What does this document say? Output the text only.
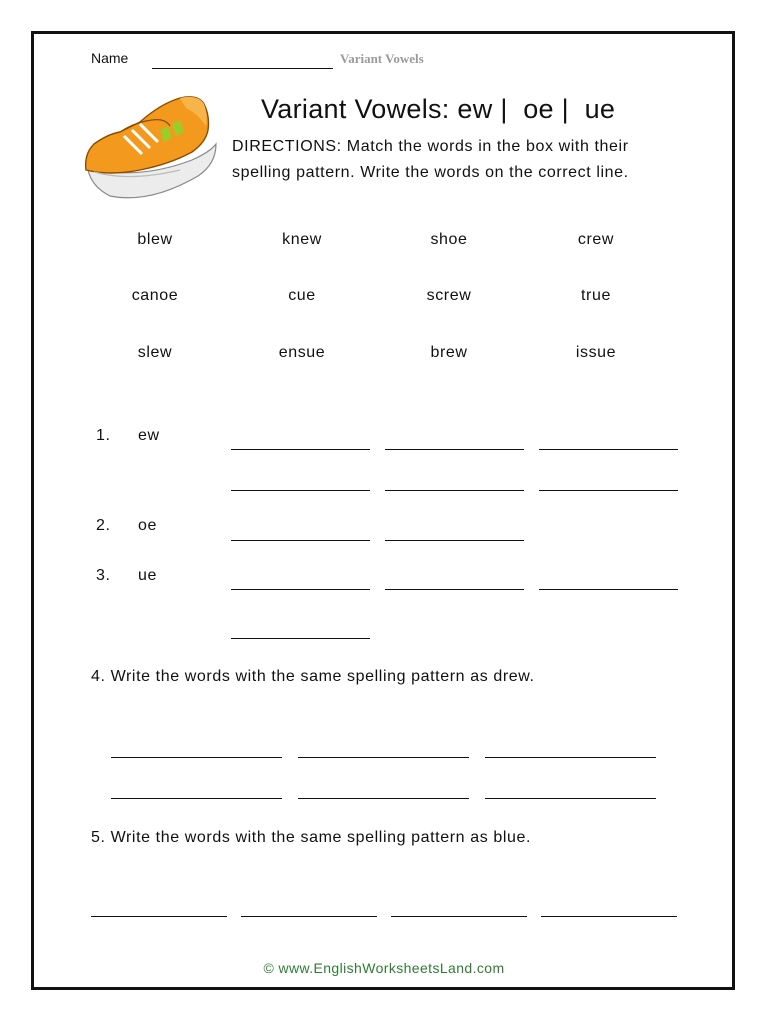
Name	Variant Vowels
Variant Vowels: ew |  oe |  ue
DIRECTIONS: Match the words in the box with their
spelling pattern. Write the words on the correct line.
blew	knew	shoe	crew
canoe	cue	screw	true
slew	ensue	brew	issue
1. ew
2. oe
3. ue
4. Write the words with the same spelling pattern as drew.
5. Write the words with the same spelling pattern as blue.
© www.EnglishWorksheetsLand.com
